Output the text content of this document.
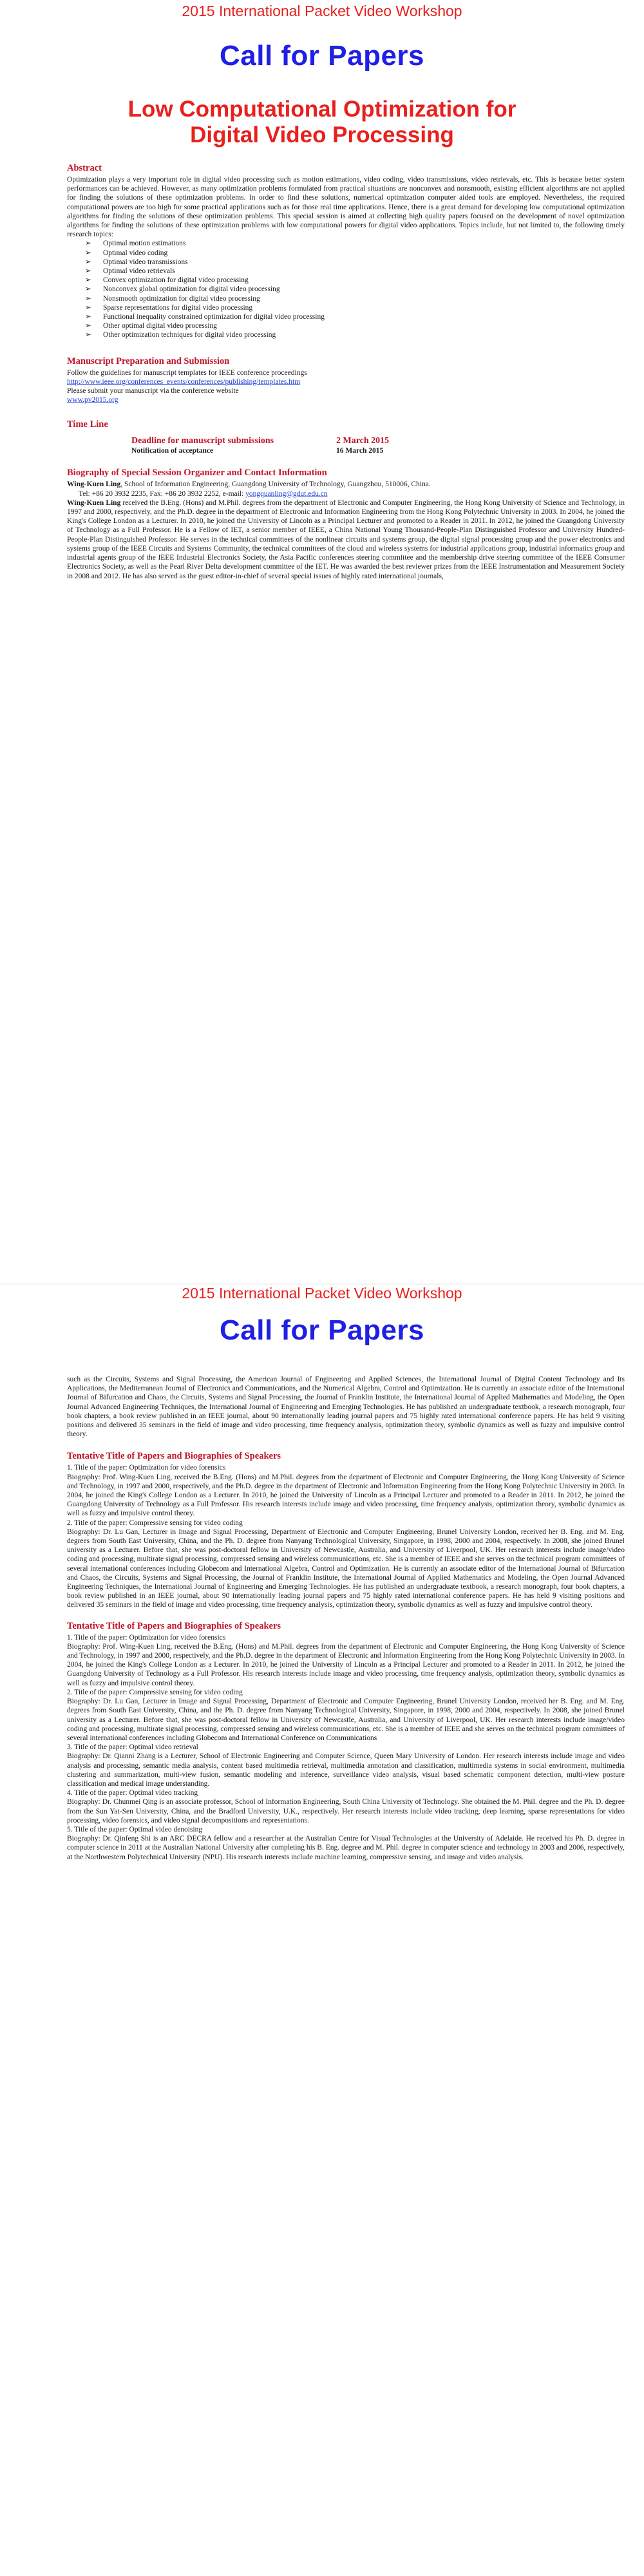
2015 International Packet Video Workshop
Call for Papers
Low Computational Optimization for Digital Video Processing
Abstract

Optimization plays a very important role in digital video processing such as motion estimations, video coding, video transmissions, video retrievals, etc. This is because better system performances can be achieved. However, as many optimization problems formulated from practical situations are nonconvex and nonsmooth, existing efficient algorithms are not applied for finding the solutions of these optimization problems. In order to find these solutions, numerical optimization computer aided tools are employed. Nevertheless, the required computational powers are too high for some practical applications such as for those real time applications. Hence, there is a great demand for developing low computational optimization algorithms for finding the solutions of these optimization problems. This special session is aimed at collecting high quality papers focused on the development of novel optimization algorithms for finding the solutions of these optimization problems with low computational powers for digital video applications. Topics include, but not limited to, the following timely research topics:

➢ Optimal motion estimations
➢ Optimal video coding
➢ Optimal video transmissions
➢ Optimal video retrievals
➢ Convex optimization for digital video processing
➢ Nonconvex global optimization for digital video processing
➢ Nonsmooth optimization for digital video processing
➢ Sparse representations for digital video processing
➢ Functional inequality constrained optimization for digital video processing
➢ Other optimal digital video processing
➢ Other optimization techniques for digital video processing
Manuscript Preparation and Submission

Follow the guidelines for manuscript templates for IEEE conference proceedings

http://www.ieee.org/conferences_events/conferences/publishing/templates.htm

Please submit your manuscript via the conference website

www.pv2015.org

Time Line
Deadline for manuscript submissions	2 March 2015
Notification of acceptance	16 March 2015
Biography of Special Session Organizer and Contact Information

Wing-Kuen Ling, School of Information Engineering, Guangdong University of Technology, Guangzhou, 510006, China.

Tel: +86 20 3932 2235, Fax: +86 20 3932 2252, e-mail: yongquanling@gdut.edu.cn

Wing-Kuen Ling received the B.Eng. (Hons) and M.Phil. degrees from the department of Electronic and Computer Engineering, the Hong Kong University of Science and Technology, in 1997 and 2000, respectively, and the Ph.D. degree in the department of Electronic and Information Engineering from the Hong Kong Polytechnic University in 2003. In 2004, he joined the King's College London as a Lecturer. In 2010, he joined the University of Lincoln as a Principal Lecturer and promoted to a Reader in 2011. In 2012, he joined the Guangdong University of Technology as a Full Professor. He is a Fellow of IET, a senior member of IEEE, a China National Young Thousand-People-Plan Distinguished Professor and University Hundred-People-Plan Distinguished Professor. He serves in the technical committees of the nonlinear circuits and systems group, the digital signal processing group and the power electronics and systems group of the IEEE Circuits and Systems Community, the technical committees of the cloud and wireless systems for industrial applications group, industrial informatics group and industrial agents group of the IEEE Industrial Electronics Society, the Asia Pacific conferences steering committee and the membership drive steering committee of the IEEE Consumer Electronics Society, as well as the Pearl River Delta development committee of the IET. He was awarded the best reviewer prizes from the IEEE Instrumentation and Measurement Society in 2008 and 2012. He has also served as the guest editor-in-chief of several special issues of highly rated international journals,

2015 International Packet Video Workshop
Call for Papers

such as the Circuits, Systems and Signal Processing, the American Journal of Engineering and Applied Sciences, the International Journal of Digital Content Technology and Its Applications, the Mediterranean Journal of Electronics and Communications, and the Numerical Algebra, Control and Optimization. He is currently an associate editor of the International Journal of Bifurcation and Chaos, the Circuits, Systems and Signal Processing, the Journal of Franklin Institute, the International Journal of Applied Mathematics and Modeling, the Open Journal Advanced Engineering Techniques, the International Journal of Engineering and Emerging Technologies. He has published an undergraduate textbook, a research monograph, four book chapters, a book review published in an IEEE journal, about 90 internationally leading journal papers and 75 highly rated international conference papers. He has held 9 visiting positions and delivered 35 seminars in the field of image and video processing, time frequency analysis, optimization theory, symbolic dynamics as well as fuzzy and impulsive control theory.

Tentative Title of Papers and Biographies of Speakers

1. Title of the paper: Optimization for video forensics

Biography: Prof. Wing-Kuen Ling, received the B.Eng. (Hons) and M.Phil. degrees from the department of Electronic and Computer Engineering, the Hong Kong University of Science and Technology, in 1997 and 2000, respectively, and the Ph.D. degree in the department of Electronic and Information Engineering from the Hong Kong Polytechnic University in 2003. In 2004, he joined the King's College London as a Lecturer. In 2010, he joined the University of Lincoln as a Principal Lecturer and promoted to a Reader in 2011. In 2012, he joined the Guangdong University of Technology as a Full Professor. His research interests include image and video processing, time frequency analysis, optimization theory, symbolic dynamics as well as fuzzy and impulsive control theory.

2. Title of the paper: Compressive sensing for video coding

Biography: Dr. Lu Gan, Lecturer in Image and Signal Processing, Department of Electronic and Computer Engineering, Brunel University London, received her B. Eng. and M. Eng. degrees from South East University, China, and the Ph. D. degree from Nanyang Technological University, Singapore, in 1998, 2000 and 2004, respectively. In 2008, she joined Brunel university as a Lecturer. Before that, she was post-doctoral fellow in University of Newcastle, Australia, and University of Liverpool, UK. Her research interests include image/video coding and processing, multirate signal processing, compressed sensing and wireless communications, etc. She is a member of IEEE and she serves on the technical program committees of several international conferences including Globecom and International Algebra, Control and Optimization. He is currently an associate editor of the International Journal of Bifurcation and Chaos, the Circuits, Systems and Signal Processing, the Journal of Franklin Institute, the International Journal of Applied Mathematics and Modeling, the Open Journal Advanced Engineering Techniques, the International Journal of Engineering and Emerging Technologies. He has published an undergraduate textbook, a research monograph, four book chapters, a book review published in an IEEE journal, about 90 internationally leading journal papers and 75 highly rated international conference papers. He has held 9 visiting positions and delivered 35 seminars in the field of image and video processing, time frequency analysis, optimization theory, symbolic dynamics as well as fuzzy and impulsive control theory.

Tentative Title of Papers and Biographies of Speakers

1. Title of the paper: Optimization for video forensics

Biography: Prof. Wing-Kuen Ling, received the B.Eng. (Hons) and M.Phil. degrees from the department of Electronic and Computer Engineering, the Hong Kong University of Science and Technology, in 1997 and 2000, respectively, and the Ph.D. degree in the department of Electronic and Information Engineering from the Hong Kong Polytechnic University in 2003. In 2004, he joined the King's College London as a Lecturer. In 2010, he joined the University of Lincoln as a Principal Lecturer and promoted to a Reader in 2011. In 2012, he joined the Guangdong University of Technology as a Full Professor. His research interests include image and video processing, time frequency analysis, optimization theory, symbolic dynamics as well as fuzzy and impulsive control theory.

2. Title of the paper: Compressive sensing for video coding

Biography: Dr. Lu Gan, Lecturer in Image and Signal Processing, Department of Electronic and Computer Engineering, Brunel University London, received her B. Eng. and M. Eng. degrees from South East University, China, and the Ph. D. degree from Nanyang Technological University, Singapore, in 1998, 2000 and 2004, respectively. In 2008, she joined Brunel university as a Lecturer. Before that, she was post-doctoral fellow in University of Newcastle, Australia, and University of Liverpool, UK. Her research interests include image/video coding and processing, multirate signal processing, compressed sensing and wireless communications, etc. She is a member of IEEE and she serves on the technical program committees of several international conferences including Globecom and International Conference on Communications

3. Title of the paper: Optimal video retrieval

Biography: Dr. Qianni Zhang is a Lecturer, School of Electronic Engineering and Computer Science, Queen Mary University of London. Her research interests include image and video analysis and processing, semantic media analysis, content based multimedia retrieval, multimedia annotation and classification, multimedia systems in social environment, multimedia clustering and summarization, multi-view fusion, semantic modeling and inference, surveillance video analysis, visual based schematic component detection, multi-view posture classification and medical image understanding.

4. Title of the paper: Optimal video tracking

Biography: Dr. Chunmei Qing is an associate professor, School of Information Engineering, South China University of Technology. She obtained the M. Phil. degree and the Ph. D. degree from the Sun Yat-Sen University, China, and the Bradford University, U.K., respectively. Her research interests include video tracking, deep learning, sparse representations for video processing, video forensics, and video signal decompositions and representations.

5. Title of the paper: Optimal video denoising

Biography: Dr. Qinfeng Shi is an ARC DECRA fellow and a researcher at the Australian Centre for Visual Technologies at the University of Adelaide. He received his Ph. D. degree in computer science in 2011 at the Australian National University after completing his B. Eng. degree and M. Phil. degree in computer science and technology in 2003 and 2006, respectively, at the Northwestern Polytechnical University (NPU). His research interests include machine learning, compressive sensing, and image and video analysis.
